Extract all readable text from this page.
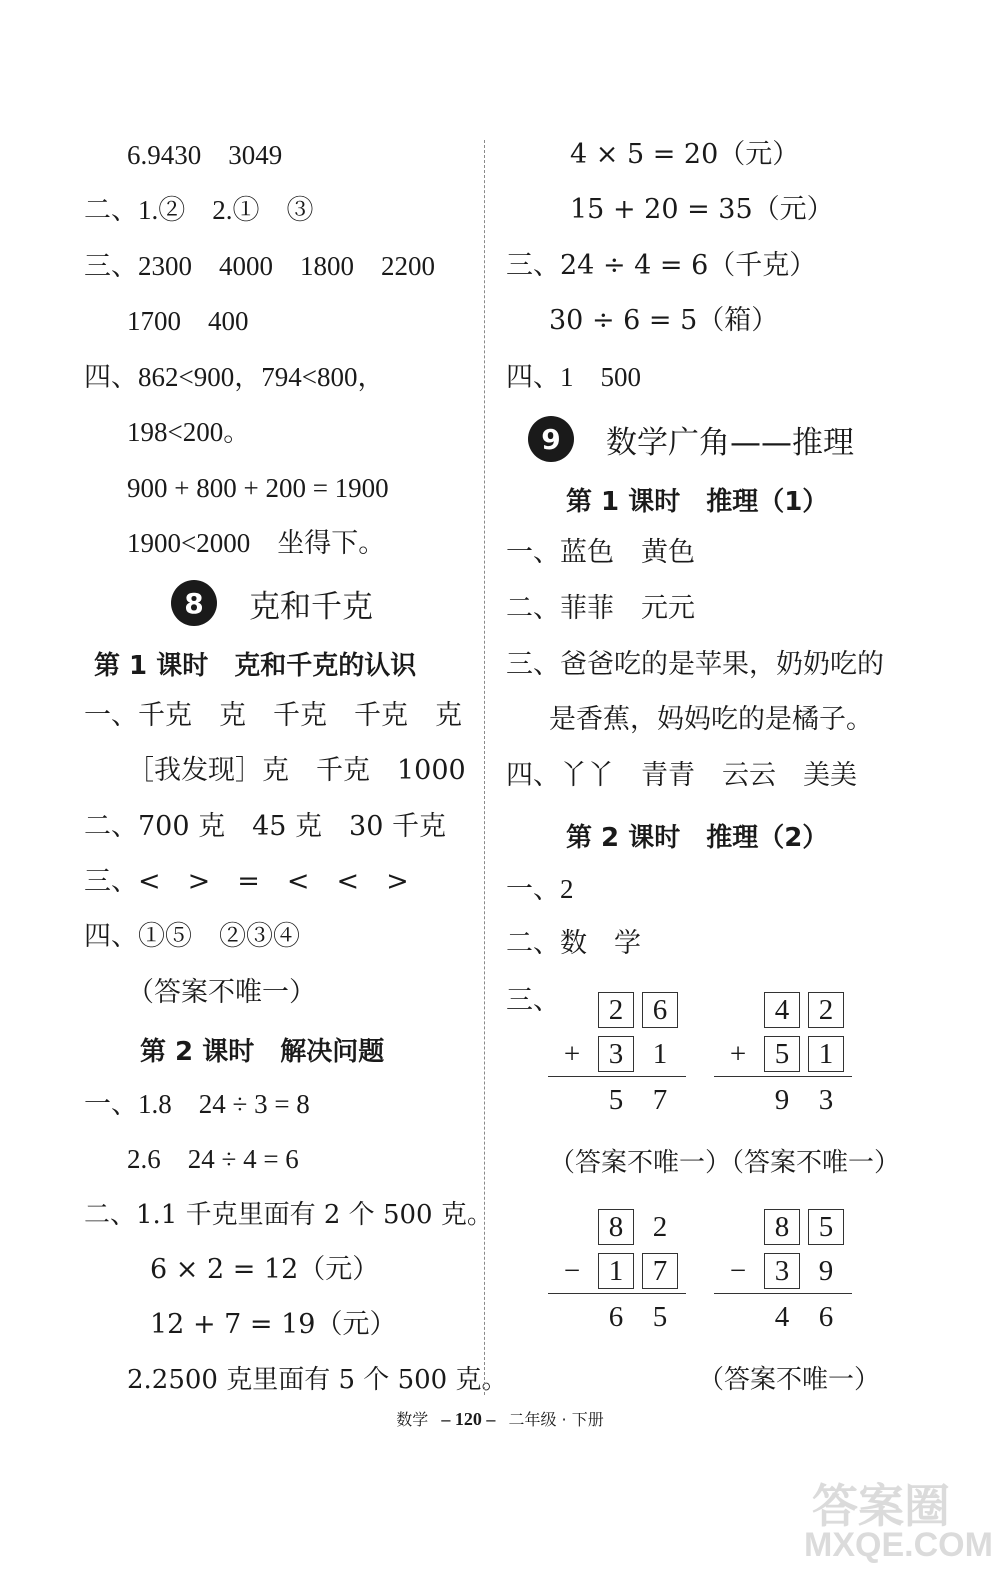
6.9430　3049
二、1.②　2.①　③
三、2300　4000　1800　2200
1700　400
四、862<900，794<800，
198<200。
900 + 800 + 200 = 1900
1900<2000　坐得下。
8	克和千克
第 1 课时　克和千克的认识
一、千克　克　千克　千克　克
［我发现］克　千克　1000
二、700 克　45 克　30 千克
三、<　>　=　<　<　>
四、①⑤　②③④
（答案不唯一）
第 2 课时　解决问题
一、1.8　24 ÷ 3 = 8
2.6　24 ÷ 4 = 6
二、1.1 千克里面有 2 个 500 克。
6 × 2 = 12（元）
12 + 7 = 19（元）
2.2500 克里面有 5 个 500 克。
4 × 5 = 20（元）
15 + 20 = 35（元）
三、24 ÷ 4 = 6（千克）
30 ÷ 6 = 5（箱）
四、1　500
9	数学广角——推理
第 1 课时　推理（1）
一、蓝色　黄色
二、菲菲　元元
三、爸爸吃的是苹果，奶奶吃的
是香蕉，妈妈吃的是橘子。
四、丫丫　青青　云云　美美
第 2 课时　推理（2）
一、2
二、数　学
三、	2	6
+ 3	1
5	7
4	2
+ 5	1
9	3
（答案不唯一）（答案不唯一）
8	2
− 1	7
6	5
8	5
− 3	9
4	6
（答案不唯一）
数学 – 120 – 二年级 · 下册
答案圈
MXQE.COM
